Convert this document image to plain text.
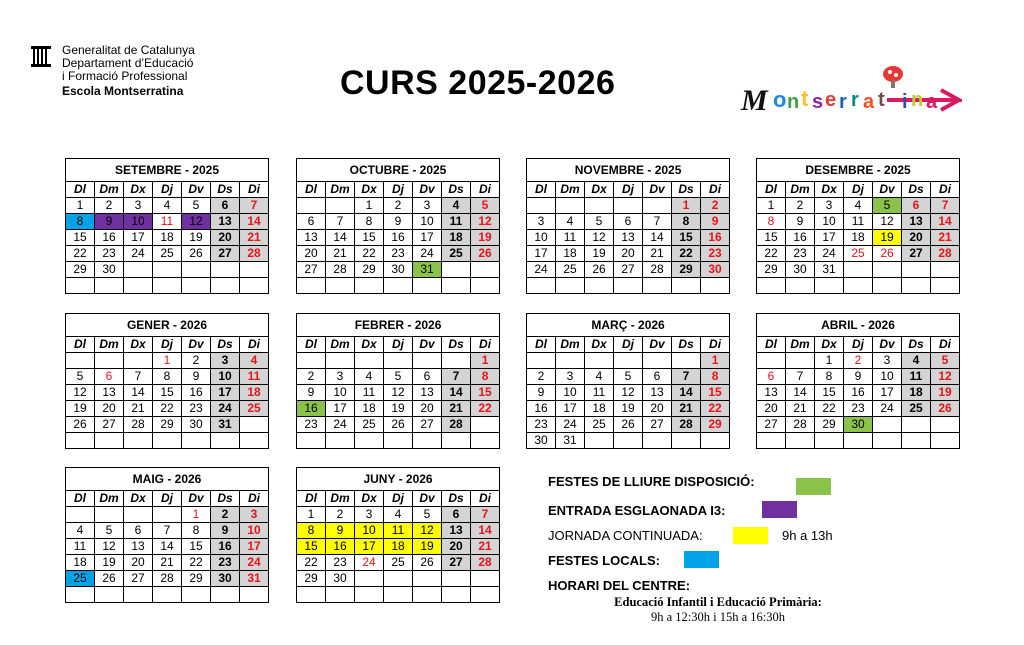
Generalitat de Catalunya
Departament d’Educació
i Formació Professional
Escola Montserratina	CURS 2025-2026	M o n t s e r r a t i n a
SETEMBRE - 2025						
Dl	Dm	Dx	Dj	Dv	Ds	Di
1	2	3	4	5	6	7
8	9	10	11	12	13	14
15	16	17	18	19	20	21
22	23	24	25	26	27	28
29	30					

OCTUBRE - 2025						
Dl	Dm	Dx	Dj	Dv	Ds	Di
		1	2	3	4	5
6	7	8	9	10	11	12
13	14	15	16	17	18	19
20	21	22	23	24	25	26
27	28	29	30	31		

NOVEMBRE - 2025						
Dl	Dm	Dx	Dj	Dv	Ds	Di
					1	2
3	4	5	6	7	8	9
10	11	12	13	14	15	16
17	18	19	20	21	22	23
24	25	26	27	28	29	30

DESEMBRE - 2025						
Dl	Dm	Dx	Dj	Dv	Ds	Di
1	2	3	4	5	6	7
8	9	10	11	12	13	14
15	16	17	18	19	20	21
22	23	24	25	26	27	28
29	30	31				

GENER - 2026						
Dl	Dm	Dx	Dj	Dv	Ds	Di
			1	2	3	4
5	6	7	8	9	10	11
12	13	14	15	16	17	18
19	20	21	22	23	24	25
26	27	28	29	30	31	

FEBRER - 2026						
Dl	Dm	Dx	Dj	Dv	Ds	Di
						1
2	3	4	5	6	7	8
9	10	11	12	13	14	15
16	17	18	19	20	21	22
23	24	25	26	27	28	

MARÇ - 2026						
Dl	Dm	Dx	Dj	Dv	Ds	Di
						1
2	3	4	5	6	7	8
9	10	11	12	13	14	15
16	17	18	19	20	21	22
23	24	25	26	27	28	29
30	31					
ABRIL - 2026						
Dl	Dm	Dx	Dj	Dv	Ds	Di
		1	2	3	4	5
6	7	8	9	10	11	12
13	14	15	16	17	18	19
20	21	22	23	24	25	26
27	28	29	30			

MAIG - 2026						
Dl	Dm	Dx	Dj	Dv	Ds	Di
				1	2	3
4	5	6	7	8	9	10
11	12	13	14	15	16	17
18	19	20	21	22	23	24
25	26	27	28	29	30	31

JUNY - 2026						
Dl	Dm	Dx	Dj	Dv	Ds	Di
1	2	3	4	5	6	7
8	9	10	11	12	13	14
15	16	17	18	19	20	21
22	23	24	25	26	27	28
29	30					

FESTES DE LLIURE DISPOSICIÓ:
ENTRADA ESGLAONADA I3:
JORNADA CONTINUADA:	9h a 13h
FESTES LOCALS:
HORARI DEL CENTRE:
Educació Infantil i Educació Primària:
9h a 12:30h i 15h a 16:30h
